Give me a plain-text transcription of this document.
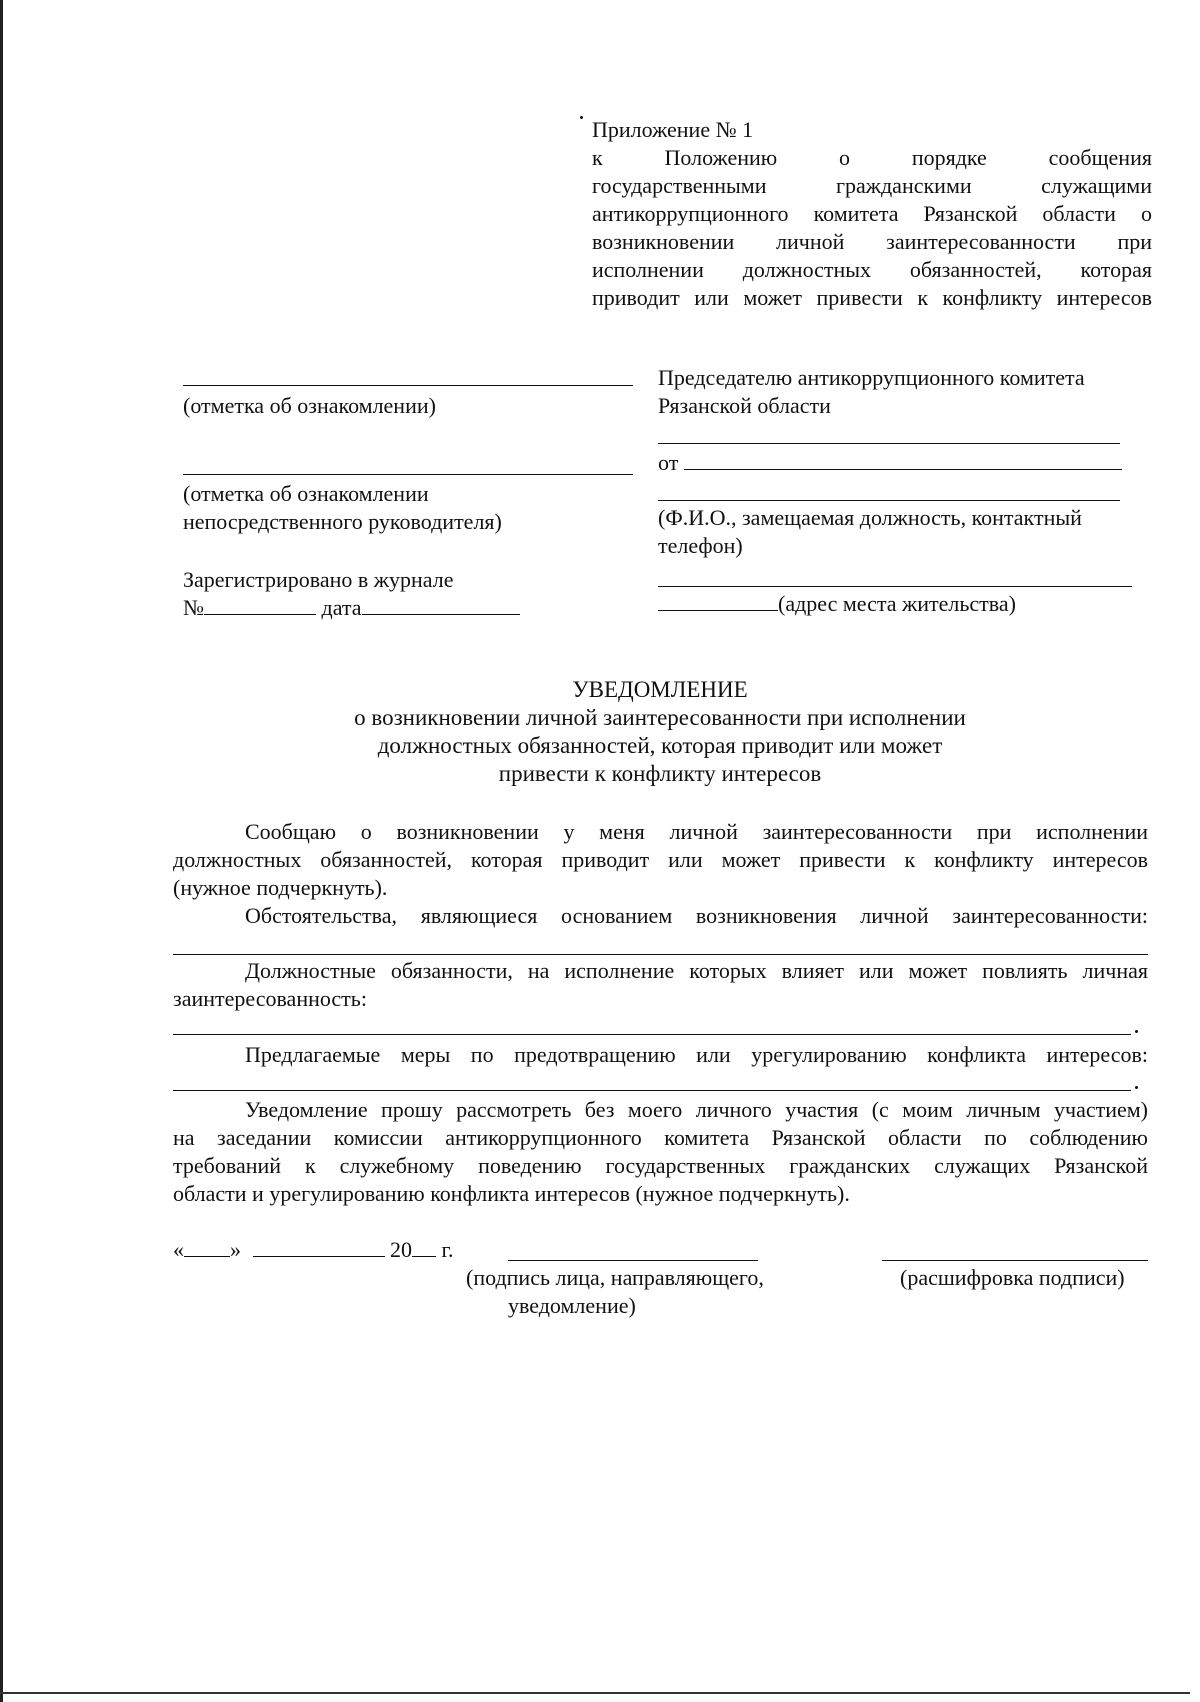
Приложение № 1
к	Положению	о	порядке	сообщения
государственными	гражданскими	служащими
антикоррупционного комитета Рязанской области о
возникновении личной заинтересованности при
исполнении должностных обязанностей, которая
приводит или может привести к конфликту интересов
(отметка об ознакомлении)
(отметка об ознакомлении
непосредственного руководителя)
Зарегистрировано в журнале
№	дата
Председателю антикоррупционного комитета
Рязанской области
от
(Ф.И.О., замещаемая должность, контактный
телефон)
(адрес места жительства)
УВЕДОМЛЕНИЕ
о возникновении личной заинтересованности при исполнении
должностных обязанностей, которая приводит или может
привести к конфликту интересов
Сообщаю о возникновении у меня личной заинтересованности при исполнении
должностных обязанностей, которая приводит или может привести к конфликту интересов
(нужное подчеркнуть).
Обстоятельства, являющиеся основанием возникновения личной заинтересованности:
Должностные обязанности, на исполнение которых влияет или может повлиять личная
заинтересованность:
Предлагаемые меры по предотвращению или урегулированию конфликта интересов:
Уведомление прошу рассмотреть без моего личного участия (с моим личным участием)
на заседании комиссии антикоррупционного комитета Рязанской области по соблюдению
требований к служебному поведению государственных гражданских служащих Рязанской
области и урегулированию конфликта интересов (нужное подчеркнуть).
« »	20 г.
(подпись лица, направляющего,
уведомление)
(расшифровка подписи)
